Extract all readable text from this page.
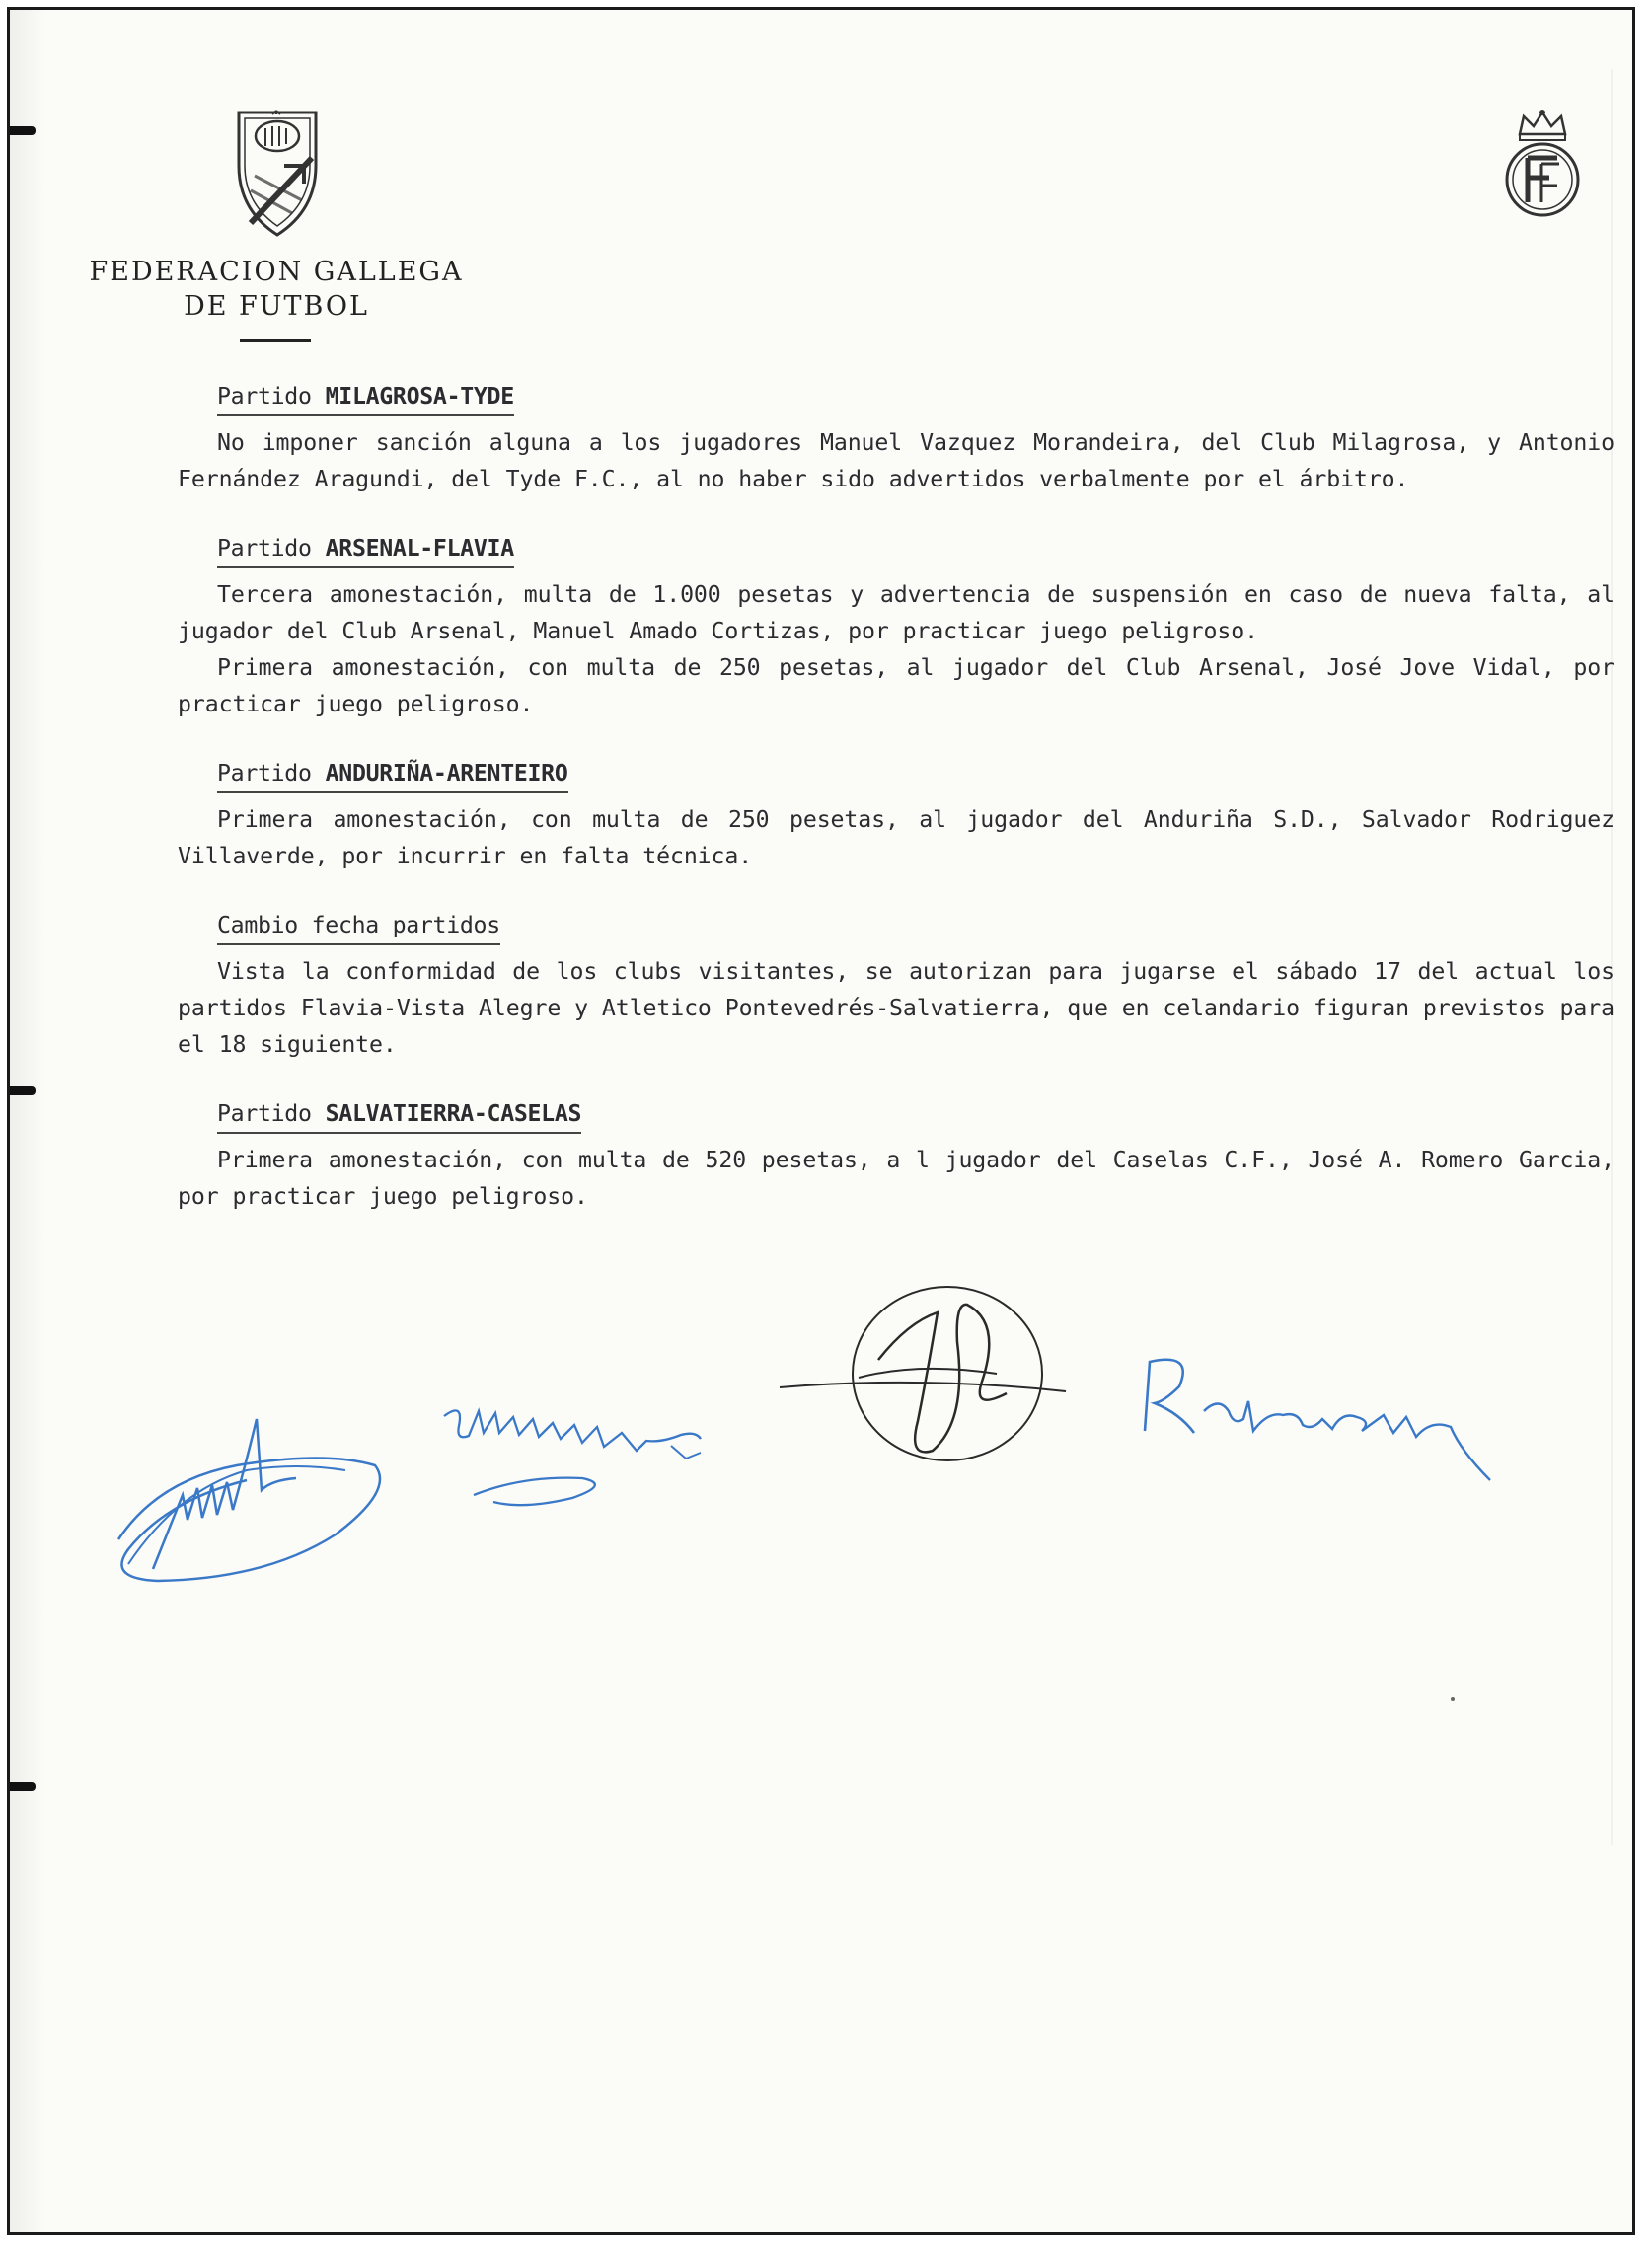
FEDERACION GALLEGA
DE FUTBOL
Partido MILAGROSA-TYDE
No imponer sanción alguna a los jugadores Manuel Vazquez Morandeira, del Club Milagrosa, y Antonio Fernández Aragundi, del Tyde F.C., al no haber sido advertidos verbalmente por el árbitro.
Partido ARSENAL-FLAVIA
Tercera amonestación, multa de 1.000 pesetas y advertencia de suspensión en caso de nueva falta, al jugador del Club Arsenal, Manuel Amado Cortizas, por practicar juego peligroso.
Primera amonestación, con multa de 250 pesetas, al jugador del Club Arsenal, José Jove Vidal, por practicar juego peligroso.
Partido ANDURIÑA-ARENTEIRO
Primera amonestación, con multa de 250 pesetas, al jugador del Anduriña S.D., Salvador Rodriguez Villaverde, por incurrir en falta técnica.
Cambio fecha partidos
Vista la conformidad de los clubs visitantes, se autorizan para jugarse el sábado 17 del actual los partidos Flavia-Vista Alegre y Atletico Pontevedrés-Salvatierra, que en celandario figuran previstos para el 18 siguiente.
Partido SALVATIERRA-CASELAS
Primera amonestación, con multa de 520 pesetas, a l jugador del Caselas C.F., José A. Romero Garcia, por practicar juego peligroso.
